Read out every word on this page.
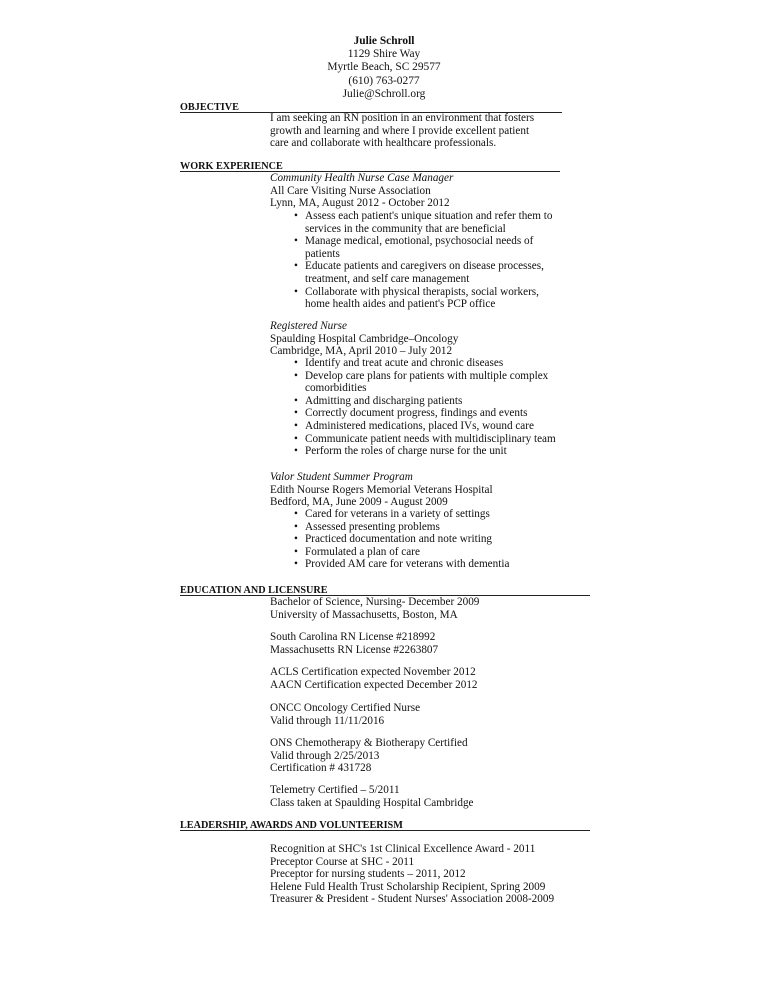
Julie Schroll
1129 Shire Way
Myrtle Beach, SC 29577
(610) 763-0277
Julie@Schroll.org
OBJECTIVE
I am seeking an RN position in an environment that fosters
growth and learning and where I provide excellent patient
care and collaborate with healthcare professionals.
WORK EXPERIENCE
Community Health Nurse Case Manager
All Care Visiting Nurse Association
Lynn, MA, August 2012 - October 2012
• Assess each patient's unique situation and refer them to
services in the community that are beneficial
• Manage medical, emotional, psychosocial needs of
patients
• Educate patients and caregivers on disease processes,
treatment, and self care management
• Collaborate with physical therapists, social workers,
home health aides and patient's PCP office
Registered Nurse
Spaulding Hospital Cambridge–Oncology
Cambridge, MA, April 2010 – July 2012
• Identify and treat acute and chronic diseases
• Develop care plans for patients with multiple complex
comorbidities
• Admitting and discharging patients
• Correctly document progress, findings and events
• Administered medications, placed IVs, wound care
• Communicate patient needs with multidisciplinary team
• Perform the roles of charge nurse for the unit
Valor Student Summer Program
Edith Nourse Rogers Memorial Veterans Hospital
Bedford, MA, June 2009 - August 2009
• Cared for veterans in a variety of settings
• Assessed presenting problems
• Practiced documentation and note writing
• Formulated a plan of care
• Provided AM care for veterans with dementia
EDUCATION AND LICENSURE
Bachelor of Science, Nursing- December 2009
University of Massachusetts, Boston, MA
South Carolina RN License #218992
Massachusetts RN License #2263807
ACLS Certification expected November 2012
AACN Certification expected December 2012
ONCC Oncology Certified Nurse
Valid through 11/11/2016
ONS Chemotherapy & Biotherapy Certified
Valid through 2/25/2013
Certification # 431728
Telemetry Certified – 5/2011
Class taken at Spaulding Hospital Cambridge
LEADERSHIP, AWARDS AND VOLUNTEERISM
Recognition at SHC's 1st Clinical Excellence Award - 2011
Preceptor Course at SHC - 2011
Preceptor for nursing students – 2011, 2012
Helene Fuld Health Trust Scholarship Recipient, Spring 2009
Treasurer & President - Student Nurses' Association 2008-2009
